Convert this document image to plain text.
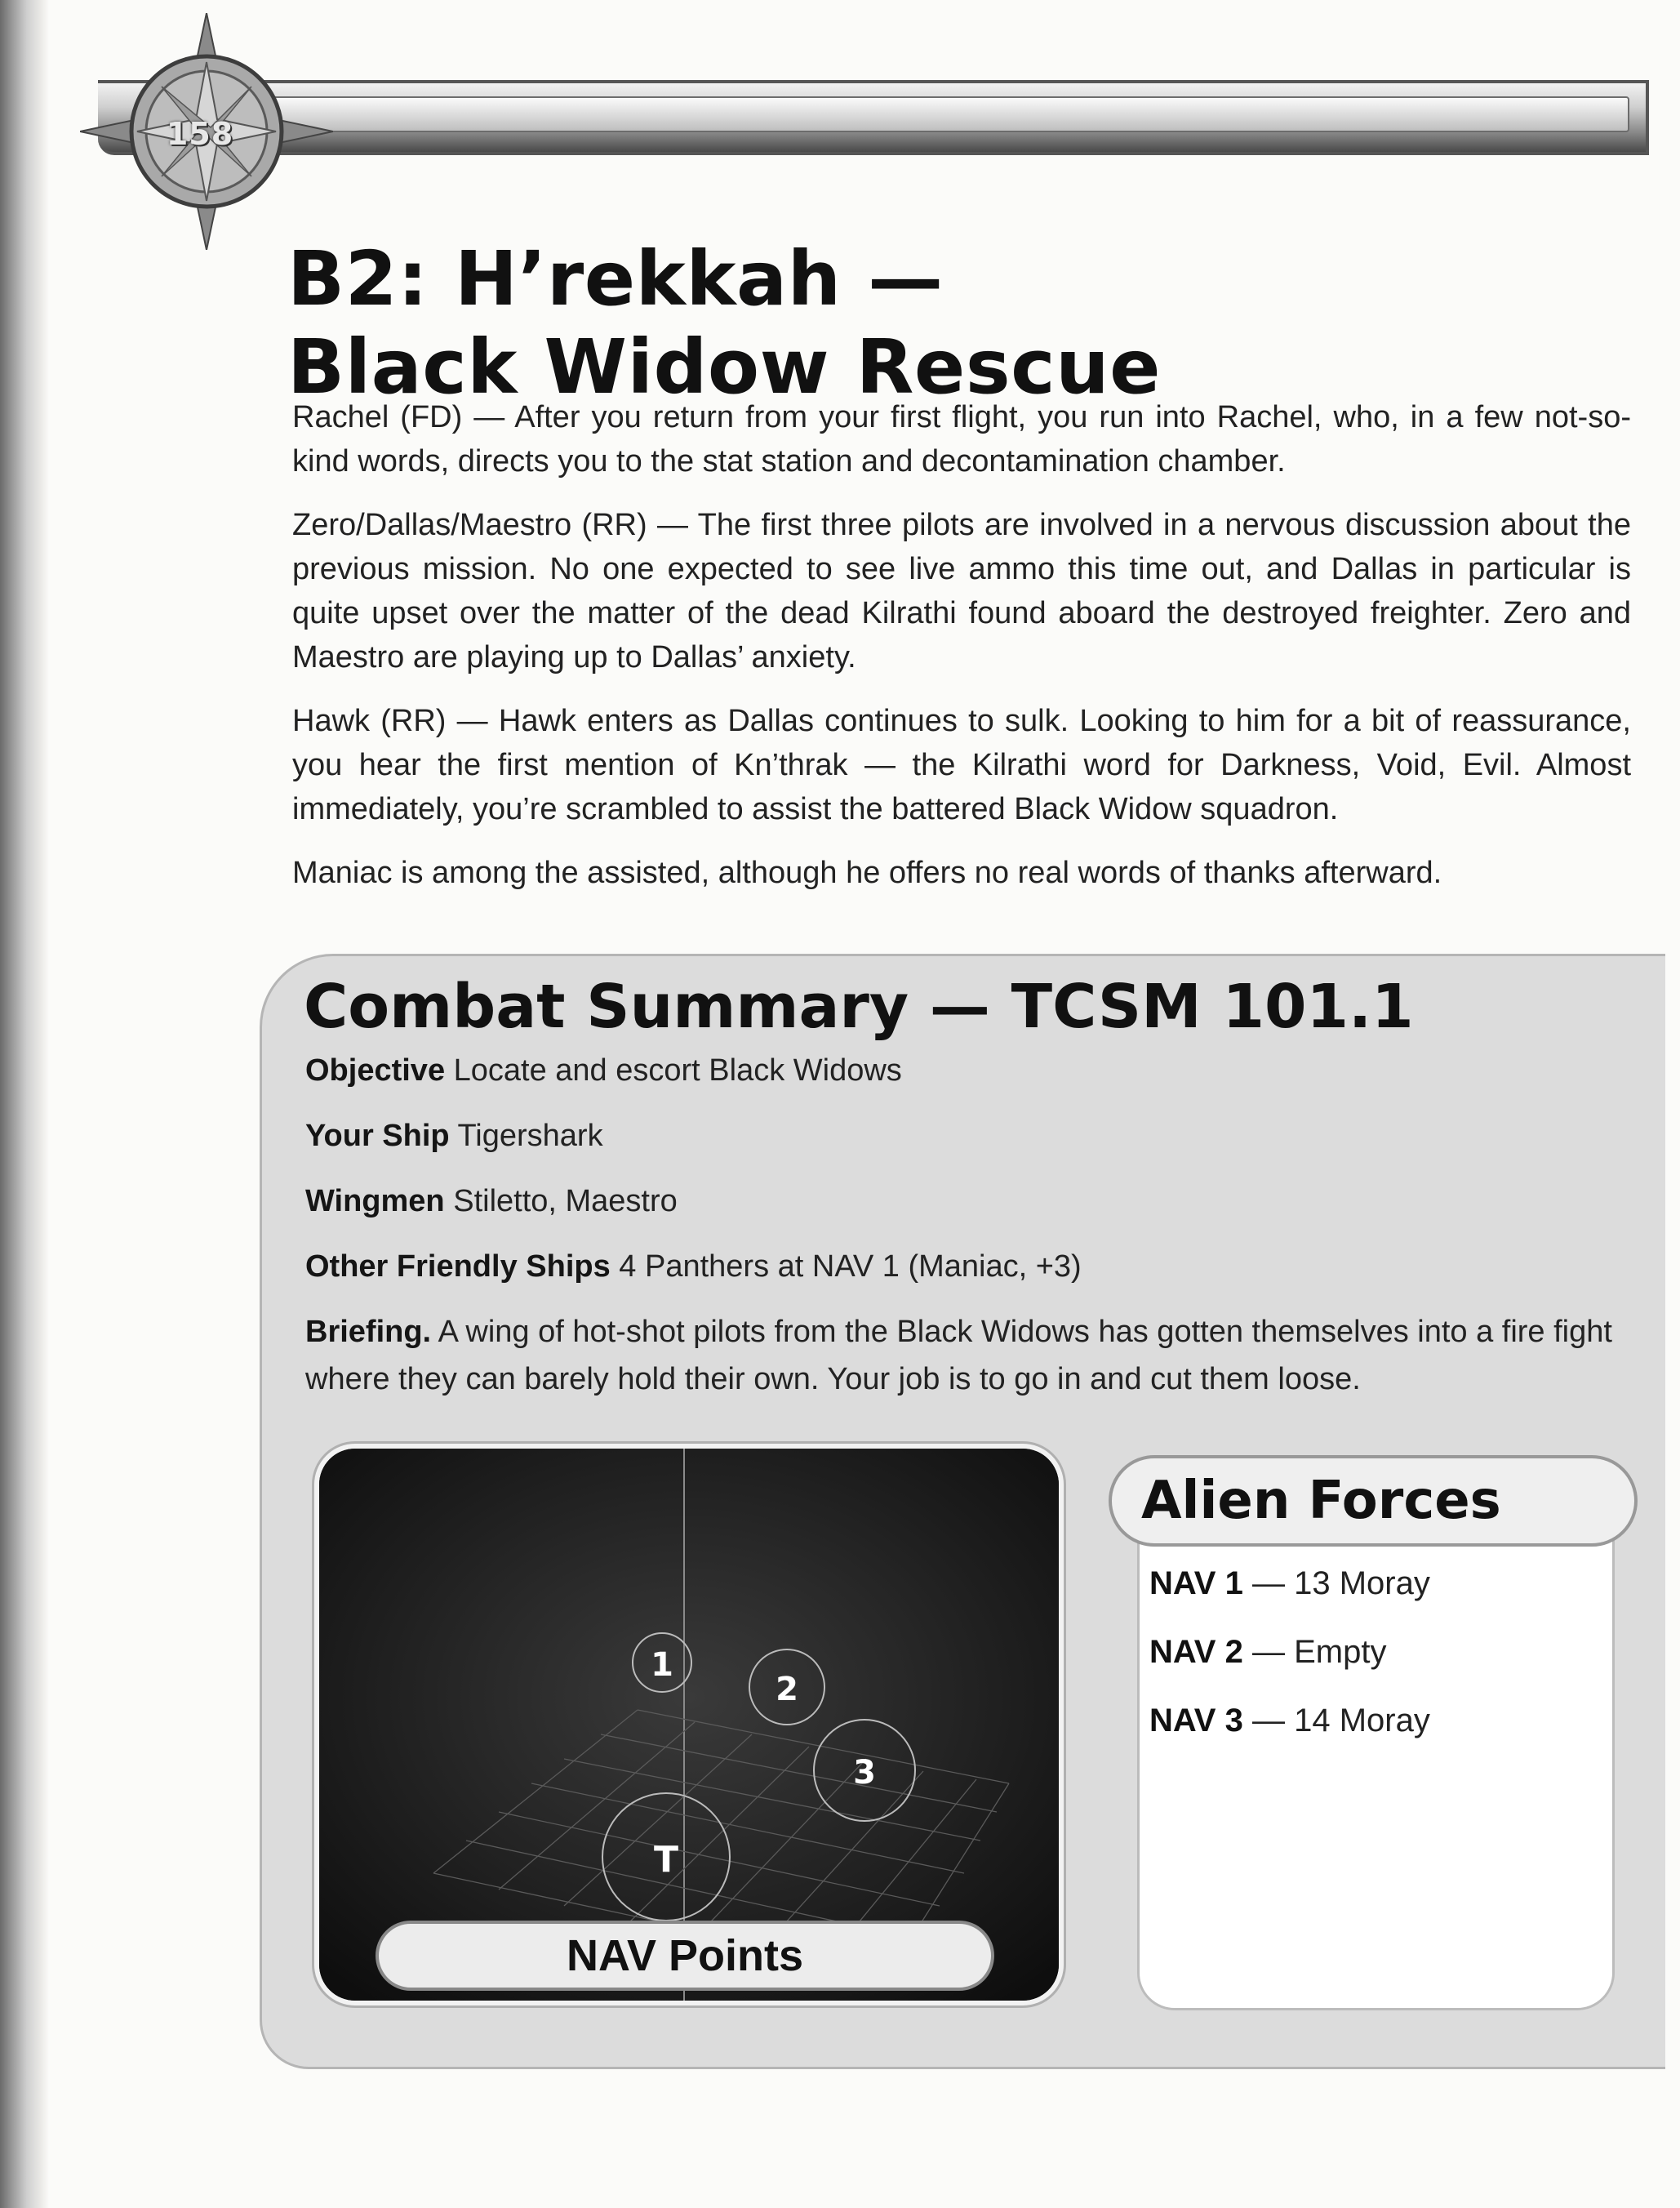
158
B2: H’rekkah —
Black Widow Rescue

Rachel (FD) — After you return from your first flight, you run into Rachel, who, in a few not-so-kind words, directs you to the stat station and decontamination chamber.

Zero/Dallas/Maestro (RR) — The first three pilots are involved in a nervous discussion about the previous mission. No one expected to see live ammo this time out, and Dallas in particular is quite upset over the matter of the dead Kilrathi found aboard the destroyed freighter. Zero and Maestro are playing up to Dallas’ anxiety.

Hawk (RR) — Hawk enters as Dallas continues to sulk. Looking to him for a bit of reassurance, you hear the first mention of Kn’thrak — the Kilrathi word for Darkness, Void, Evil. Almost immediately, you’re scrambled to assist the battered Black Widow squadron.

Maniac is among the assisted, although he offers no real words of thanks afterward.

Combat Summary — TCSM 101.1

Objective Locate and escort Black Widows

Your Ship Tigershark

Wingmen Stiletto, Maestro

Other Friendly Ships 4 Panthers at NAV 1 (Maniac, +3)

Briefing. A wing of hot-shot pilots from the Black Widows has gotten themselves into a fire fight where they can barely hold their own. Your job is to go in and cut them loose.

1
2
3
T
NAV Points
Alien Forces
NAV 1 — 13 Moray
NAV 2 — Empty
NAV 3 — 14 Moray
